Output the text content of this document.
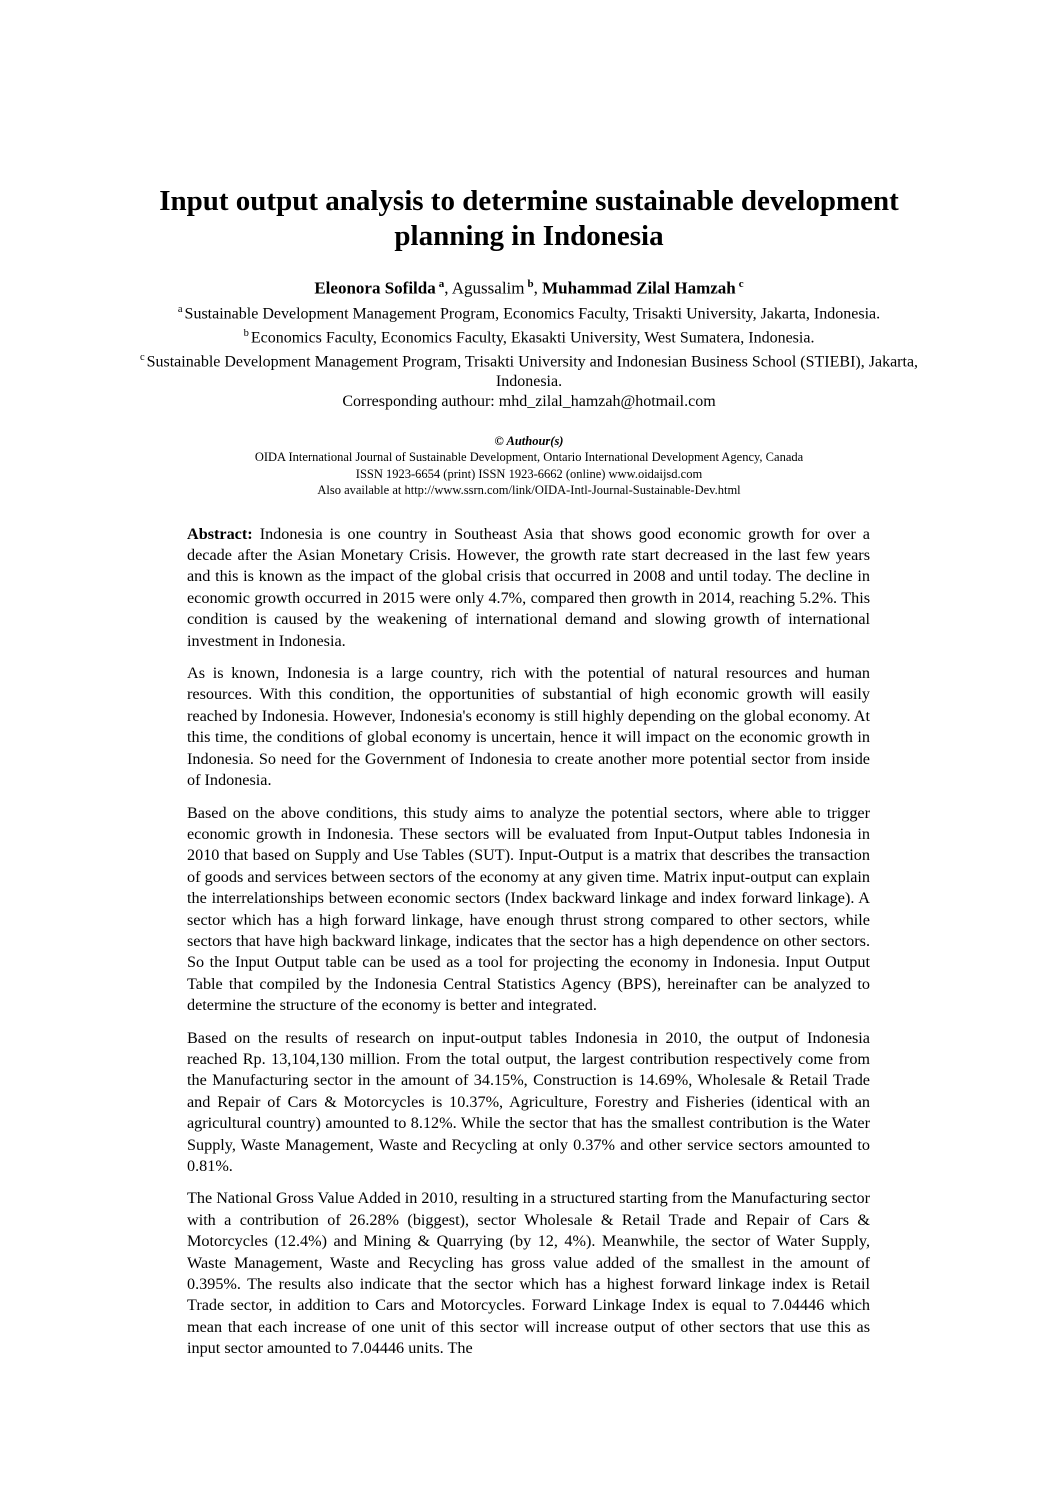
Input output analysis to determine sustainable development planning in Indonesia
Eleonora Sofilda $^a$, Agussalim $^b$, Muhammad Zilal Hamzah $^c$
$^a$ Sustainable Development Management Program, Economics Faculty, Trisakti University, Jakarta, Indonesia.
$^b$ Economics Faculty, Economics Faculty, Ekasakti University, West Sumatera, Indonesia.
$^c$ Sustainable Development Management Program, Trisakti University and Indonesian Business School (STIEBI), Jakarta, Indonesia.
Corresponding authour: mhd_zilal_hamzah@hotmail.com
© Authour(s)
OIDA International Journal of Sustainable Development, Ontario International Development Agency, Canada
ISSN 1923-6654 (print) ISSN 1923-6662 (online) www.oidaijsd.com
Also available at http://www.ssrn.com/link/OIDA-Intl-Journal-Sustainable-Dev.html

Abstract: Indonesia is one country in Southeast Asia that shows good economic growth for over a decade after the Asian Monetary Crisis. However, the growth rate start decreased in the last few years and this is known as the impact of the global crisis that occurred in 2008 and until today. The decline in economic growth occurred in 2015 were only 4.7%, compared then growth in 2014, reaching 5.2%. This condition is caused by the weakening of international demand and slowing growth of international investment in Indonesia.

As is known, Indonesia is a large country, rich with the potential of natural resources and human resources. With this condition, the opportunities of substantial of high economic growth will easily reached by Indonesia. However, Indonesia's economy is still highly depending on the global economy. At this time, the conditions of global economy is uncertain, hence it will impact on the economic growth in Indonesia. So need for the Government of Indonesia to create another more potential sector from inside of Indonesia.

Based on the above conditions, this study aims to analyze the potential sectors, where able to trigger economic growth in Indonesia. These sectors will be evaluated from Input-Output tables Indonesia in 2010 that based on Supply and Use Tables (SUT). Input-Output is a matrix that describes the transaction of goods and services between sectors of the economy at any given time. Matrix input-output can explain the interrelationships between economic sectors (Index backward linkage and index forward linkage). A sector which has a high forward linkage, have enough thrust strong compared to other sectors, while sectors that have high backward linkage, indicates that the sector has a high dependence on other sectors. So the Input Output table can be used as a tool for projecting the economy in Indonesia. Input Output Table that compiled by the Indonesia Central Statistics Agency (BPS), hereinafter can be analyzed to determine the structure of the economy is better and integrated.

Based on the results of research on input-output tables Indonesia in 2010, the output of Indonesia reached Rp. 13,104,130 million. From the total output, the largest contribution respectively come from the Manufacturing sector in the amount of 34.15%, Construction is 14.69%, Wholesale & Retail Trade and Repair of Cars & Motorcycles is 10.37%, Agriculture, Forestry and Fisheries (identical with an agricultural country) amounted to 8.12%. While the sector that has the smallest contribution is the Water Supply, Waste Management, Waste and Recycling at only 0.37% and other service sectors amounted to 0.81%.

The National Gross Value Added in 2010, resulting in a structured starting from the Manufacturing sector with a contribution of 26.28% (biggest), sector Wholesale & Retail Trade and Repair of Cars & Motorcycles (12.4%) and Mining & Quarrying (by 12, 4%). Meanwhile, the sector of Water Supply, Waste Management, Waste and Recycling has gross value added of the smallest in the amount of 0.395%. The results also indicate that the sector which has a highest forward linkage index is Retail Trade sector, in addition to Cars and Motorcycles. Forward Linkage Index is equal to 7.04446 which mean that each increase of one unit of this sector will increase output of other sectors that use this as input sector amounted to 7.04446 units. The
